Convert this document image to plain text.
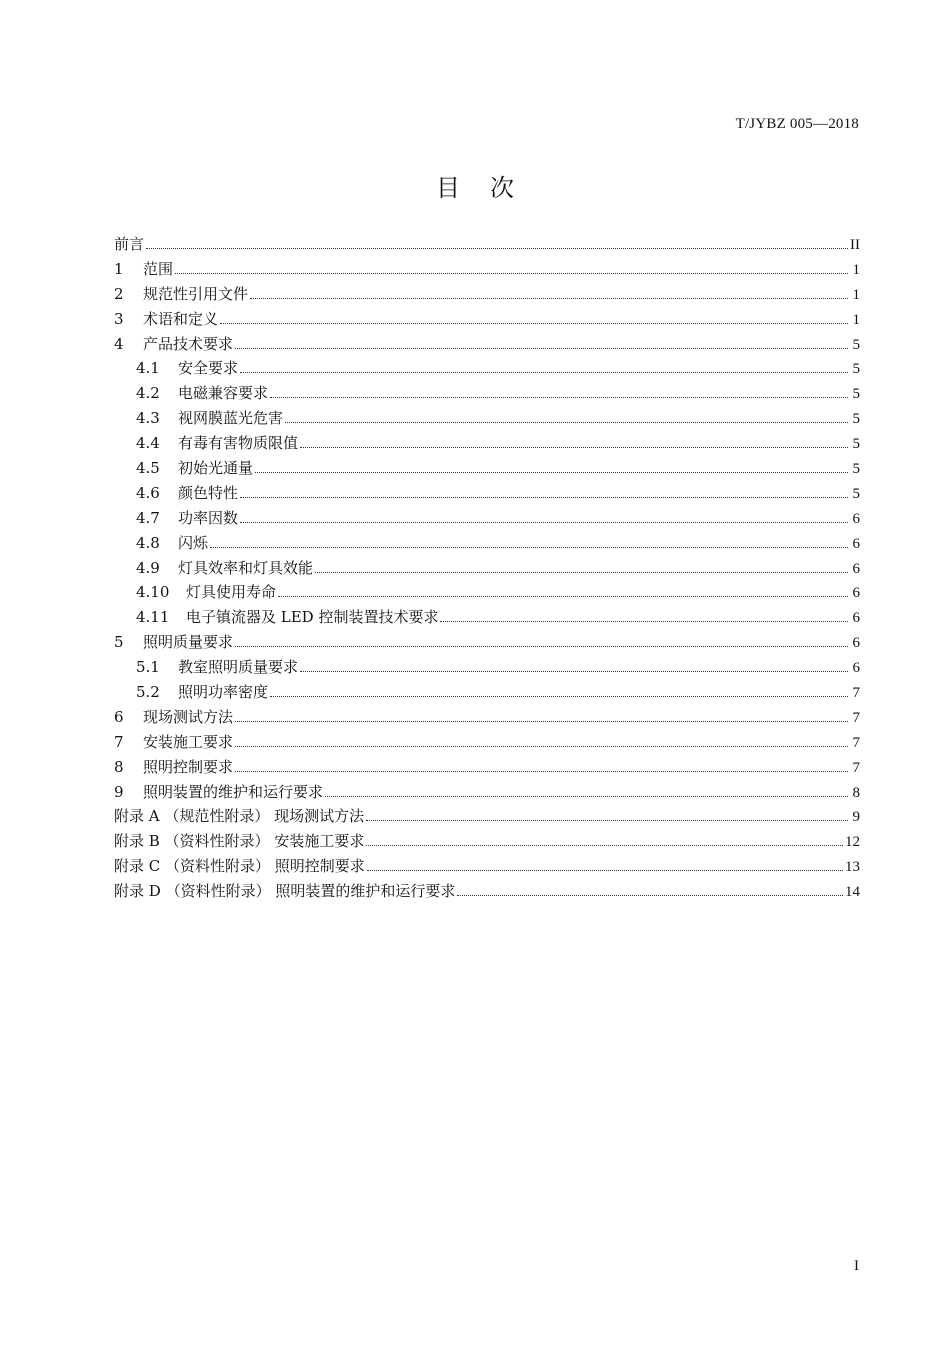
T/JYBZ 005—2018
目次
前言	II
1	范围	1
2	规范性引用文件	1
3	术语和定义	1
4	产品技术要求	5
4.1	安全要求	5
4.2	电磁兼容要求	5
4.3	视网膜蓝光危害	5
4.4	有毒有害物质限值	5
4.5	初始光通量	5
4.6	颜色特性	5
4.7	功率因数	6
4.8	闪烁	6
4.9	灯具效率和灯具效能	6
4.10	灯具使用寿命	6
4.11	电子镇流器及 LED 控制装置技术要求	6
5	照明质量要求	6
5.1	教室照明质量要求	6
5.2	照明功率密度	7
6	现场测试方法	7
7	安装施工要求	7
8	照明控制要求	7
9	照明装置的维护和运行要求	8
附录 A （规范性附录） 现场测试方法	9
附录 B （资料性附录） 安装施工要求	12
附录 C （资料性附录） 照明控制要求	13
附录 D （资料性附录） 照明装置的维护和运行要求	14
I
